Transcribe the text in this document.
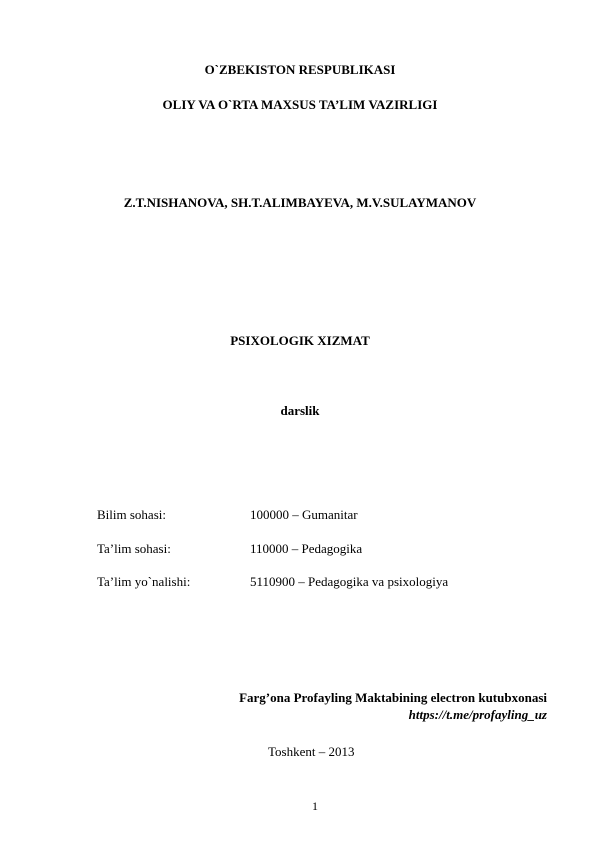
O`ZBEKISTON RESPUBLIKASI
OLIY VA O`RTA MAXSUS TA’LIM VAZIRLIGI
Z.T.NISHANOVA, SH.T.ALIMBAYEVA, M.V.SULAYMANOV
PSIXOLOGIK XIZMAT
darslik
Bilim sohasi:	100000 – Gumanitar
Ta’lim sohasi:	110000 – Pedagogika
Ta’lim yo`nalishi:	5110900 – Pedagogika va psixologiya
Farg’ona Profayling Maktabining electron kutubxonasi
https://t.me/profayling_uz
Toshkent – 2013
1
